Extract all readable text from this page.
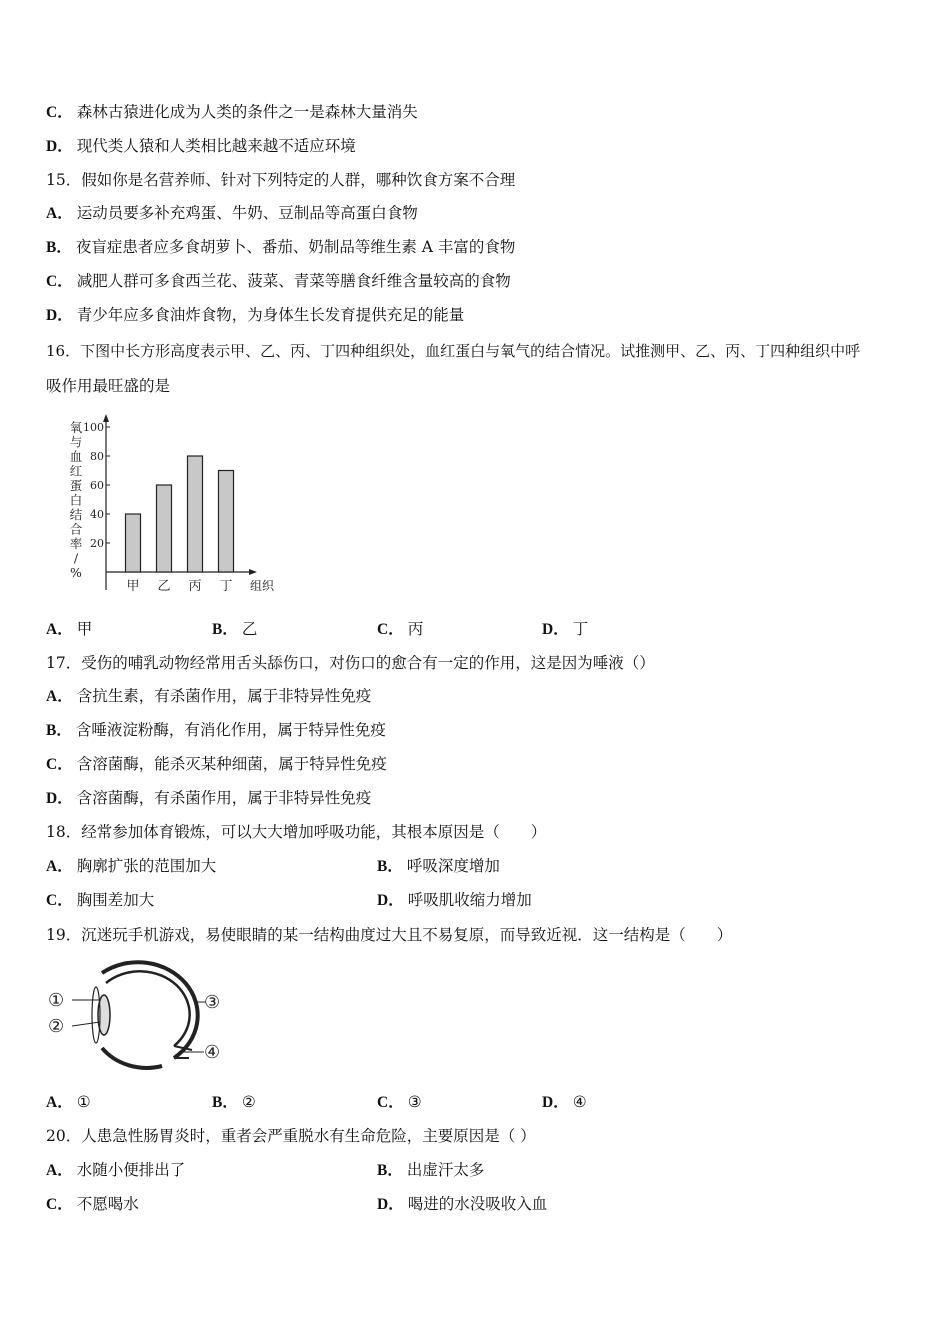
C． 森林古猿进化成为人类的条件之一是森林大量消失
D． 现代类人猿和人类相比越来越不适应环境
15．假如你是名营养师、针对下列特定的人群，哪种饮食方案不合理
A． 运动员要多补充鸡蛋、牛奶、豆制品等高蛋白食物
B． 夜盲症患者应多食胡萝卜、番茄、奶制品等维生素 A 丰富的食物
C． 减肥人群可多食西兰花、菠菜、青菜等膳食纤维含量较高的食物
D． 青少年应多食油炸食物，为身体生长发育提供充足的能量
16．下图中长方形高度表示甲、乙、丙、丁四种组织处，血红蛋白与氧气的结合情况。试推测甲、乙、丙、丁四种组织中呼
吸作用最旺盛的是
氧
与
血
红
蛋
白
结
合
率
/
%
20
40
60
80
100
甲 乙 丙 丁 组织
A． 甲	B． 乙	C． 丙	D． 丁
17．受伤的哺乳动物经常用舌头舔伤口，对伤口的愈合有一定的作用，这是因为唾液（）
A． 含抗生素，有杀菌作用，属于非特异性免疫
B． 含唾液淀粉酶，有消化作用，属于特异性免疫
C． 含溶菌酶，能杀灭某种细菌，属于特异性免疫
D． 含溶菌酶，有杀菌作用，属于非特异性免疫
18．经常参加体育锻炼，可以大大增加呼吸功能，其根本原因是（　　）
A． 胸廓扩张的范围加大	B． 呼吸深度增加
C． 胸围差加大	D． 呼吸肌收缩力增加
19．沉迷玩手机游戏，易使眼睛的某一结构曲度过大且不易复原，而导致近视．这一结构是（　　）
①
②
③
④
A． ①	B． ②	C． ③	D． ④
20．人患急性肠胃炎时，重者会严重脱水有生命危险，主要原因是（ ）
A． 水随小便排出了	B． 出虚汗太多
C． 不愿喝水	D． 喝进的水没吸收入血
